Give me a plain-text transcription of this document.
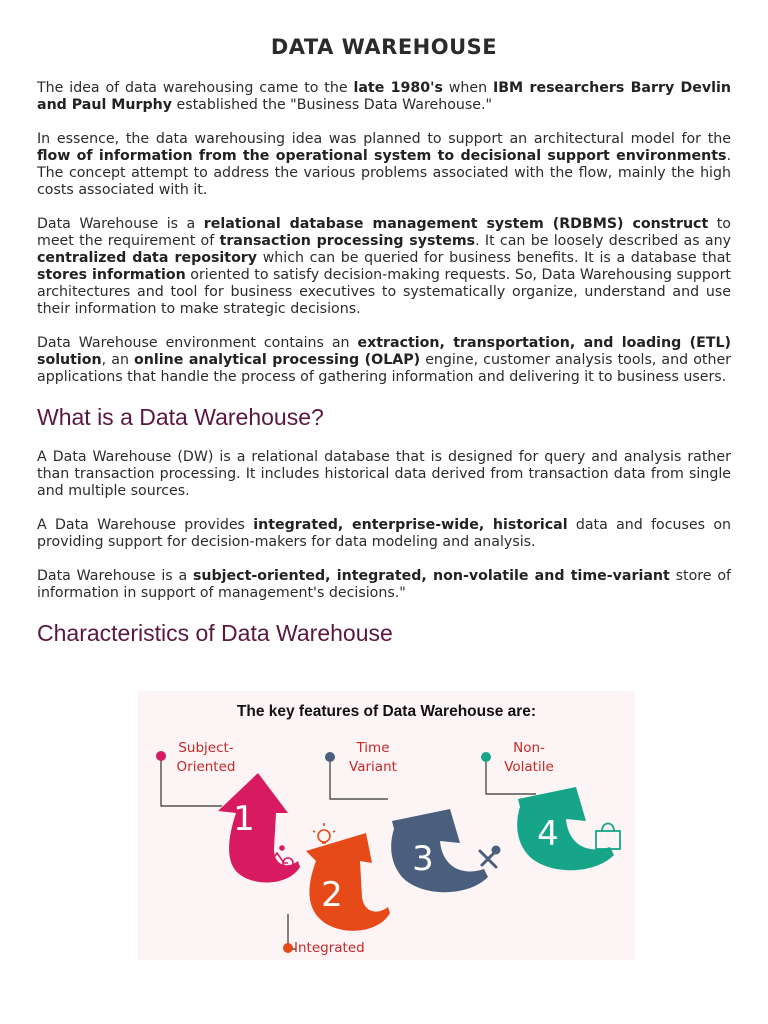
DATA WAREHOUSE

The idea of data warehousing came to the late 1980's when IBM researchers Barry Devlin and Paul Murphy established the "Business Data Warehouse."

In essence, the data warehousing idea was planned to support an architectural model for the flow of information from the operational system to decisional support environments. The concept attempt to address the various problems associated with the flow, mainly the high costs associated with it.

Data Warehouse is a relational database management system (RDBMS) construct to meet the requirement of transaction processing systems. It can be loosely described as any centralized data repository which can be queried for business benefits. It is a database that stores information oriented to satisfy decision-making requests. So, Data Warehousing support architectures and tool for business executives to systematically organize, understand and use their information to make strategic decisions.

Data Warehouse environment contains an extraction, transportation, and loading (ETL) solution, an online analytical processing (OLAP) engine, customer analysis tools, and other applications that handle the process of gathering information and delivering it to business users.

What is a Data Warehouse?

A Data Warehouse (DW) is a relational database that is designed for query and analysis rather than transaction processing. It includes historical data derived from transaction data from single and multiple sources.

A Data Warehouse provides integrated, enterprise-wide, historical data and focuses on providing support for decision-makers for data modeling and analysis.

Data Warehouse is a subject-oriented, integrated, non-volatile and time-variant store of information in support of management's decisions."

Characteristics of Data Warehouse
The key features of Data Warehouse are:
1
2
3
4
Subject-
Oriented
Time
Variant
Non-
Volatile
Integrated
